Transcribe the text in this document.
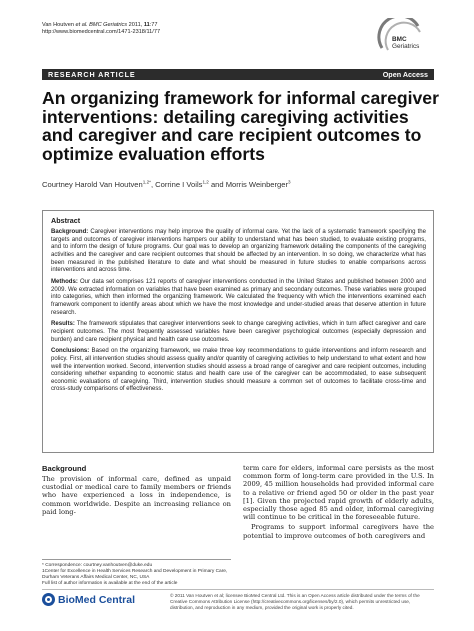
Van Houtven et al. BMC Geriatrics 2011, 11:77
http://www.biomedcentral.com/1471-2318/11/77
BMC
Geriatrics
RESEARCH ARTICLE	Open Access
An organizing framework for informal caregiver interventions: detailing caregiving activities and caregiver and care recipient outcomes to optimize evaluation efforts
Courtney Harold Van Houtven$^{1,2*}$, Corrine I Voils$^{1,2}$ and Morris Weinberger$^3$
Abstract

Background: Caregiver interventions may help improve the quality of informal care. Yet the lack of a systematic framework specifying the targets and outcomes of caregiver interventions hampers our ability to understand what has been studied, to evaluate existing programs, and to inform the design of future programs. Our goal was to develop an organizing framework detailing the components of the caregiving activities and the caregiver and care recipient outcomes that should be affected by an intervention. In so doing, we characterize what has been measured in the published literature to date and what should be measured in future studies to enable comparisons across interventions and across time.

Methods: Our data set comprises 121 reports of caregiver interventions conducted in the United States and published between 2000 and 2009. We extracted information on variables that have been examined as primary and secondary outcomes. These variables were grouped into categories, which then informed the organizing framework. We calculated the frequency with which the interventions examined each framework component to identify areas about which we have the most knowledge and under-studied areas that deserve attention in future research.

Results: The framework stipulates that caregiver interventions seek to change caregiving activities, which in turn affect caregiver and care recipient outcomes. The most frequently assessed variables have been caregiver psychological outcomes (especially depression and burden) and care recipient physical and health care use outcomes.

Conclusions: Based on the organizing framework, we make three key recommendations to guide interventions and inform research and policy. First, all intervention studies should assess quality and/or quantity of caregiving activities to help understand to what extent and how well the intervention worked. Second, intervention studies should assess a broad range of caregiver and care recipient outcomes, including considering whether expanding to economic status and health care use of the caregiver can be accommodated, to ease subsequent economic evaluations of caregiving. Third, intervention studies should measure a common set of outcomes to facilitate cross-time and cross-study comparisons of effectiveness.

Background

The provision of informal care, defined as unpaid custodial or medical care to family members or friends who have experienced a loss in independence, is common worldwide. Despite an increasing reliance on paid long-

term care for elders, informal care persists as the most common form of long-term care provided in the U.S. In 2009, 45 million households had provided informal care to a relative or friend aged 50 or older in the past year [1]. Given the projected rapid growth of elderly adults, especially those aged 85 and older, informal caregiving will continue to be critical in the foreseeable future.

Programs to support informal caregivers have the potential to improve outcomes of both caregivers and

* Correspondence: courtney.vanhoutven@duke.edu
1Center for Excellence in Health Services Research and Development in Primary Care, Durham Veterans Affairs Medical Center, NC, USA
Full list of author information is available at the end of the article
BioMed Central	© 2011 Van Houtven et al; licensee BioMed Central Ltd. This is an Open Access article distributed under the terms of the Creative Commons Attribution License (http://creativecommons.org/licenses/by/2.0), which permits unrestricted use, distribution, and reproduction in any medium, provided the original work is properly cited.
